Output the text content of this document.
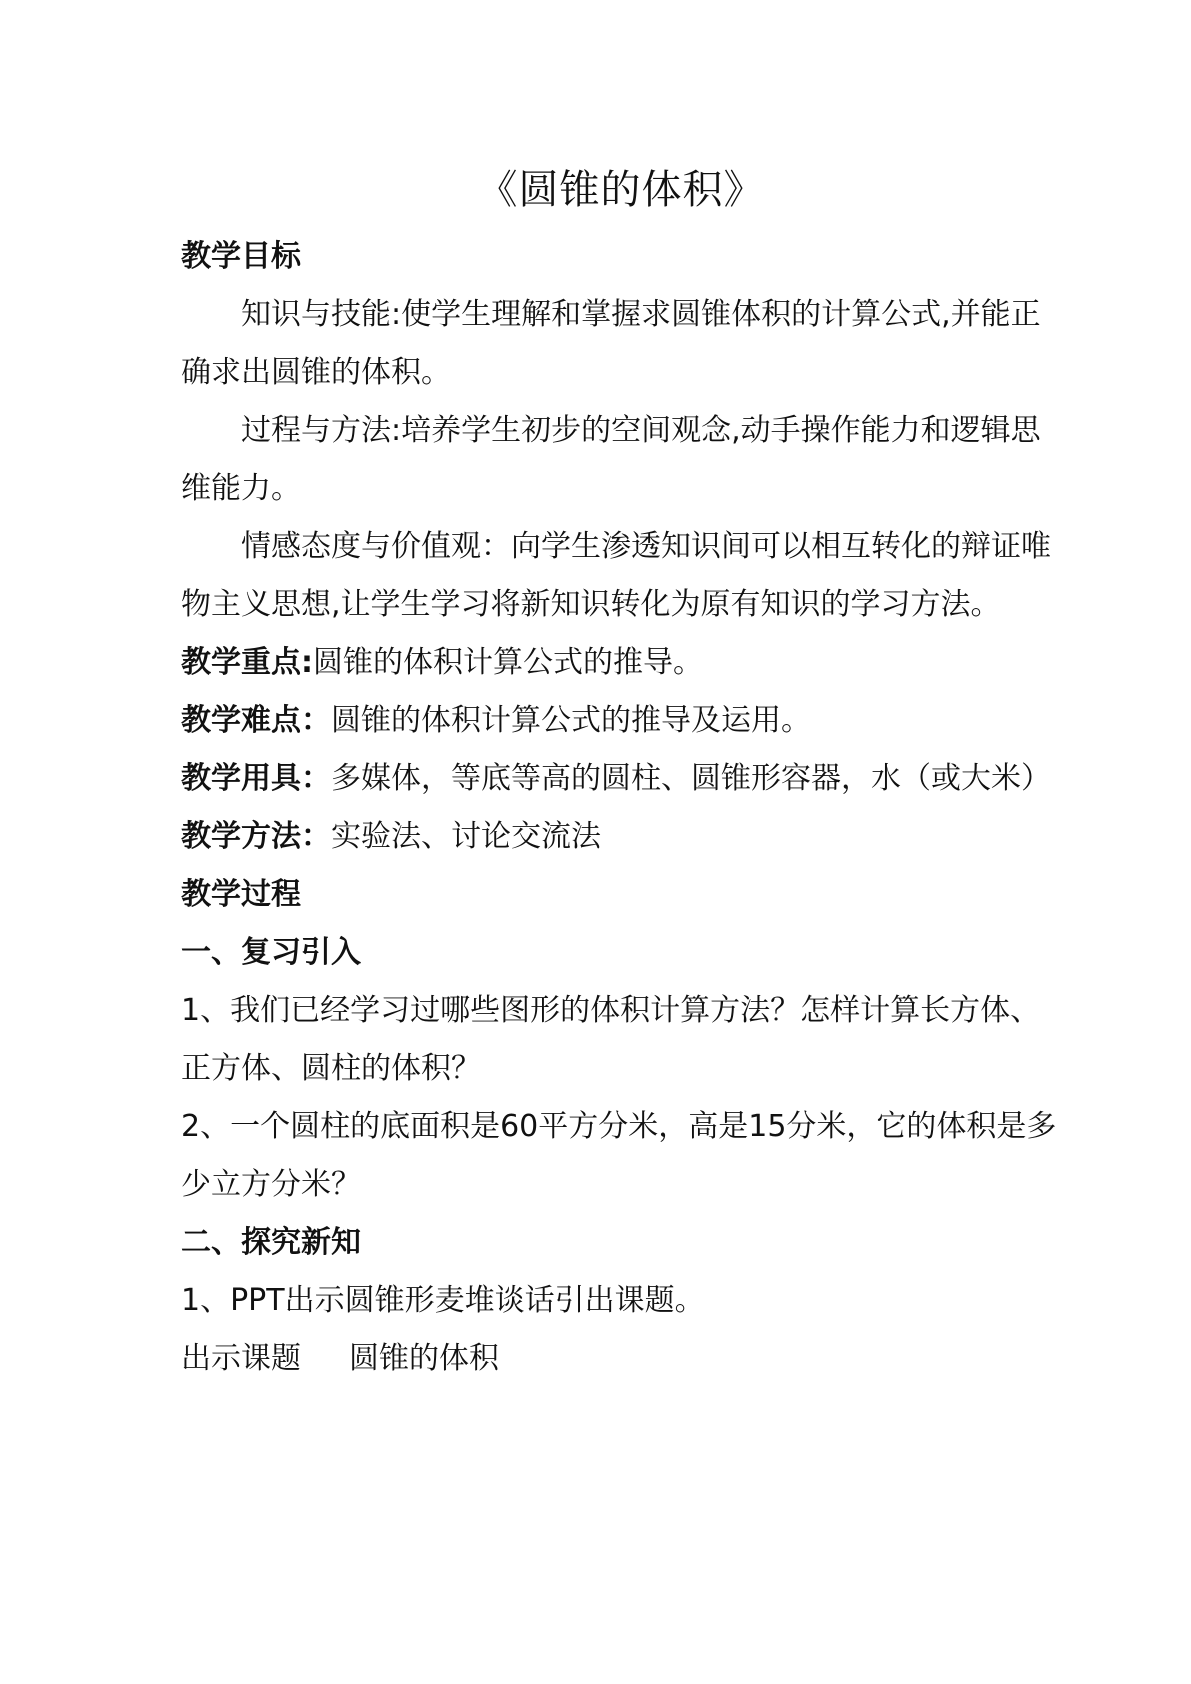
《圆锥的体积》

教学目标

知识与技能:使学生理解和掌握求圆锥体积的计算公式,并能正确求出圆锥的体积。

过程与方法:培养学生初步的空间观念,动手操作能力和逻辑思维能力。

情感态度与价值观：向学生渗透知识间可以相互转化的辩证唯物主义思想,让学生学习将新知识转化为原有知识的学习方法。

教学重点:圆锥的体积计算公式的推导。

教学难点：圆锥的体积计算公式的推导及运用。

教学用具：多媒体，等底等高的圆柱、圆锥形容器，水（或大米）

教学方法：实验法、讨论交流法

教学过程

一、复习引入

1、我们已经学习过哪些图形的体积计算方法？怎样计算长方体、正方体、圆柱的体积？

2、一个圆柱的底面积是60平方分米，高是15分米，它的体积是多少立方分米？

二、探究新知

1、PPT出示圆锥形麦堆谈话引出课题。

出示课题 圆锥的体积
